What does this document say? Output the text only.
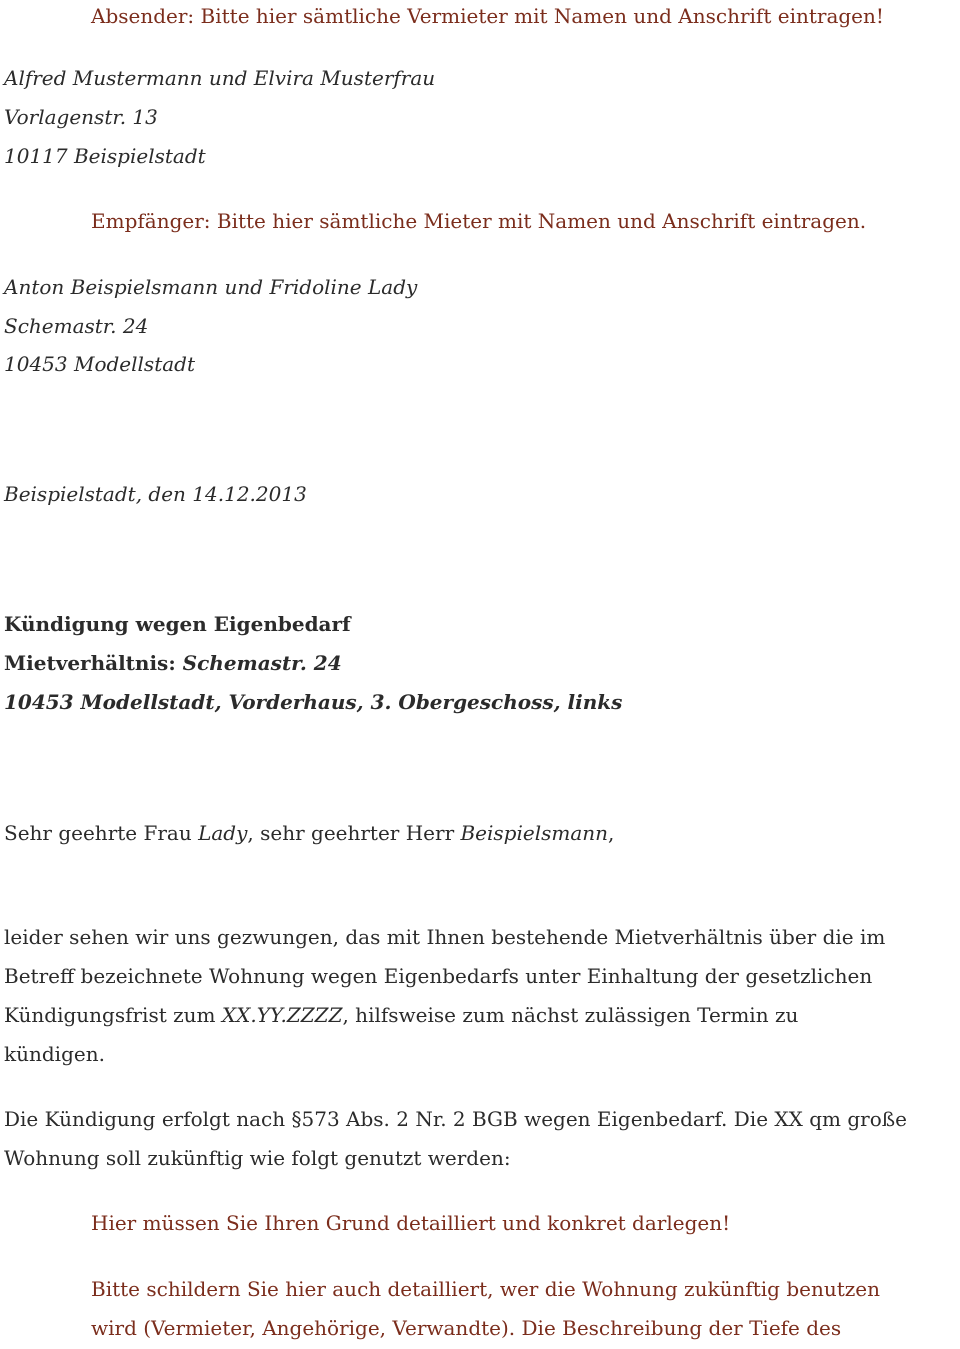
Absender: Bitte hier sämtliche Vermieter mit Namen und Anschrift eintragen!
Alfred Mustermann und Elvira Musterfrau
Vorlagenstr. 13
10117 Beispielstadt
Empfänger: Bitte hier sämtliche Mieter mit Namen und Anschrift eintragen.
Anton Beispielsmann und Fridoline Lady
Schemastr. 24
10453 Modellstadt
Beispielstadt, den 14.12.2013
Kündigung wegen Eigenbedarf
Mietverhältnis: Schemastr. 24
10453 Modellstadt, Vorderhaus, 3. Obergeschoss, links
Sehr geehrte Frau Lady, sehr geehrter Herr Beispielsmann,
leider sehen wir uns gezwungen, das mit Ihnen bestehende Mietverhältnis über die im
Betreff bezeichnete Wohnung wegen Eigenbedarfs unter Einhaltung der gesetzlichen
Kündigungsfrist zum XX.YY.ZZZZ, hilfsweise zum nächst zulässigen Termin zu
kündigen.
Die Kündigung erfolgt nach §573 Abs. 2 Nr. 2 BGB wegen Eigenbedarf. Die XX qm große
Wohnung soll zukünftig wie folgt genutzt werden:
Hier müssen Sie Ihren Grund detailliert und konkret darlegen!
Bitte schildern Sie hier auch detailliert, wer die Wohnung zukünftig benutzen
wird (Vermieter, Angehörige, Verwandte). Die Beschreibung der Tiefe des
